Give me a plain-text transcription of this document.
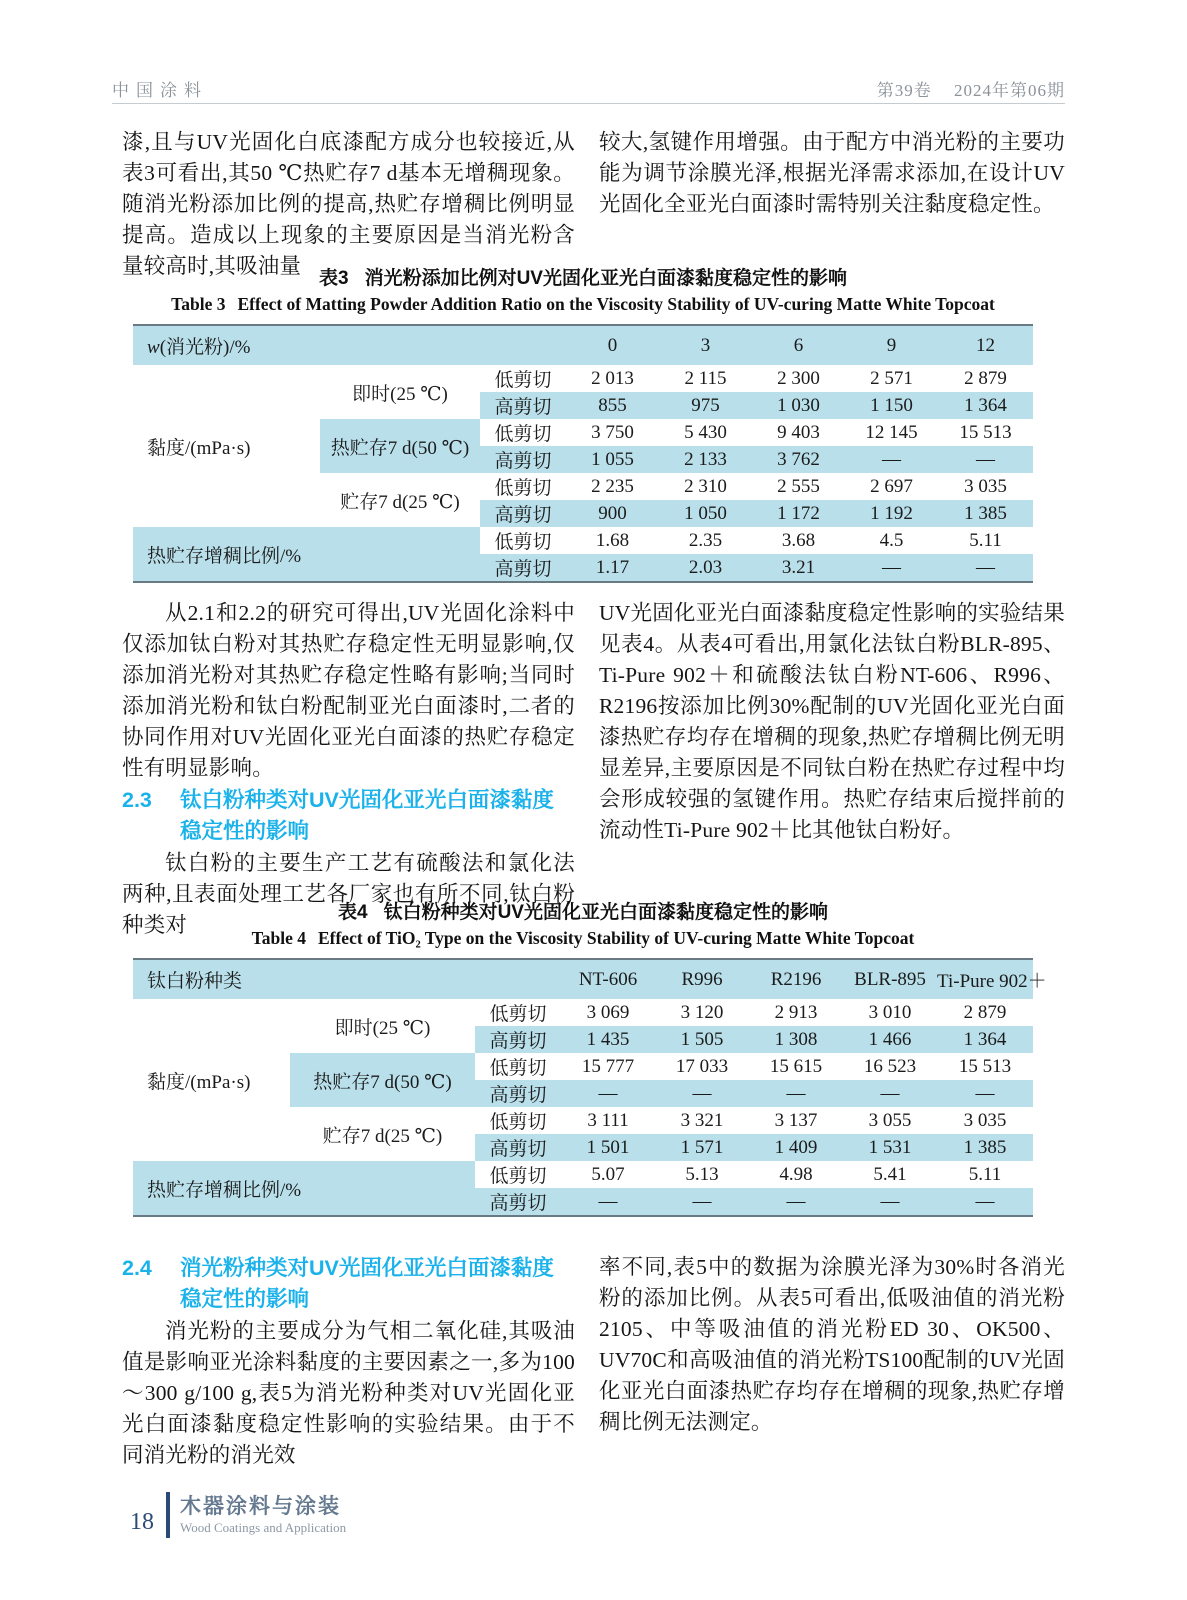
中国涂料	第39卷 2024年第06期

漆,且与UV光固化白底漆配方成分也较接近,从表3可看出,其50 ℃热贮存7 d基本无增稠现象。随消光粉添加比例的提高,热贮存增稠比例明显提高。造成以上现象的主要原因是当消光粉含量较高时,其吸油量

较大,氢键作用增强。由于配方中消光粉的主要功能为调节涂膜光泽,根据光泽需求添加,在设计UV光固化全亚光白面漆时需特别关注黏度稳定性。

表3 消光粉添加比例对UV光固化亚光白面漆黏度稳定性的影响
Table 3 Effect of Matting Powder Addition Ratio on the Viscosity Stability of UV-curing Matte White Topcoat
w(消光粉)/%			0	3	6	9	12
黏度/(mPa·s)	即时(25 ℃)	低剪切	2 013	2 115	2 300	2 571	2 879
		高剪切	855	975	1 030	1 150	1 364
	热贮存7 d(50 ℃)	低剪切	3 750	5 430	9 403	12 145	15 513
		高剪切	1 055	2 133	3 762	—	—
	贮存7 d(25 ℃)	低剪切	2 235	2 310	2 555	2 697	3 035
		高剪切	900	1 050	1 172	1 192	1 385
热贮存增稠比例/%		低剪切	1.68	2.35	3.68	4.5	5.11
		高剪切	1.17	2.03	3.21	—	—

从2.1和2.2的研究可得出,UV光固化涂料中仅添加钛白粉对其热贮存稳定性无明显影响,仅添加消光粉对其热贮存稳定性略有影响;当同时添加消光粉和钛白粉配制亚光白面漆时,二者的协同作用对UV光固化亚光白面漆的热贮存稳定性有明显影响。

2.3	钛白粉种类对UV光固化亚光白面漆黏度稳定性的影响

钛白粉的主要生产工艺有硫酸法和氯化法两种,且表面处理工艺各厂家也有所不同,钛白粉种类对

UV光固化亚光白面漆黏度稳定性影响的实验结果见表4。从表4可看出,用氯化法钛白粉BLR-895、Ti-Pure 902＋和硫酸法钛白粉NT-606、R996、R2196按添加比例30%配制的UV光固化亚光白面漆热贮存均存在增稠的现象,热贮存增稠比例无明显差异,主要原因是不同钛白粉在热贮存过程中均会形成较强的氢键作用。热贮存结束后搅拌前的流动性Ti-Pure 902＋比其他钛白粉好。

表4 钛白粉种类对UV光固化亚光白面漆黏度稳定性的影响
Table 4 Effect of TiO₂ Type on the Viscosity Stability of UV-curing Matte White Topcoat
钛白粉种类			NT-606	R996	R2196	BLR-895	Ti-Pure 902＋
黏度/(mPa·s)	即时(25 ℃)	低剪切	3 069	3 120	2 913	3 010	2 879
		高剪切	1 435	1 505	1 308	1 466	1 364
	热贮存7 d(50 ℃)	低剪切	15 777	17 033	15 615	16 523	15 513
		高剪切	—	—	—	—	—
	贮存7 d(25 ℃)	低剪切	3 111	3 321	3 137	3 055	3 035
		高剪切	1 501	1 571	1 409	1 531	1 385
热贮存增稠比例/%		低剪切	5.07	5.13	4.98	5.41	5.11
		高剪切	—	—	—	—	—
2.4	消光粉种类对UV光固化亚光白面漆黏度稳定性的影响

消光粉的主要成分为气相二氧化硅,其吸油值是影响亚光涂料黏度的主要因素之一,多为100～300 g/100 g,表5为消光粉种类对UV光固化亚光白面漆黏度稳定性影响的实验结果。由于不同消光粉的消光效

率不同,表5中的数据为涂膜光泽为30%时各消光粉的添加比例。从表5可看出,低吸油值的消光粉2105、中等吸油值的消光粉ED 30、OK500、UV70C和高吸油值的消光粉TS100配制的UV光固化亚光白面漆热贮存均存在增稠的现象,热贮存增稠比例无法测定。

18
木器涂料与涂装
Wood Coatings and Application
